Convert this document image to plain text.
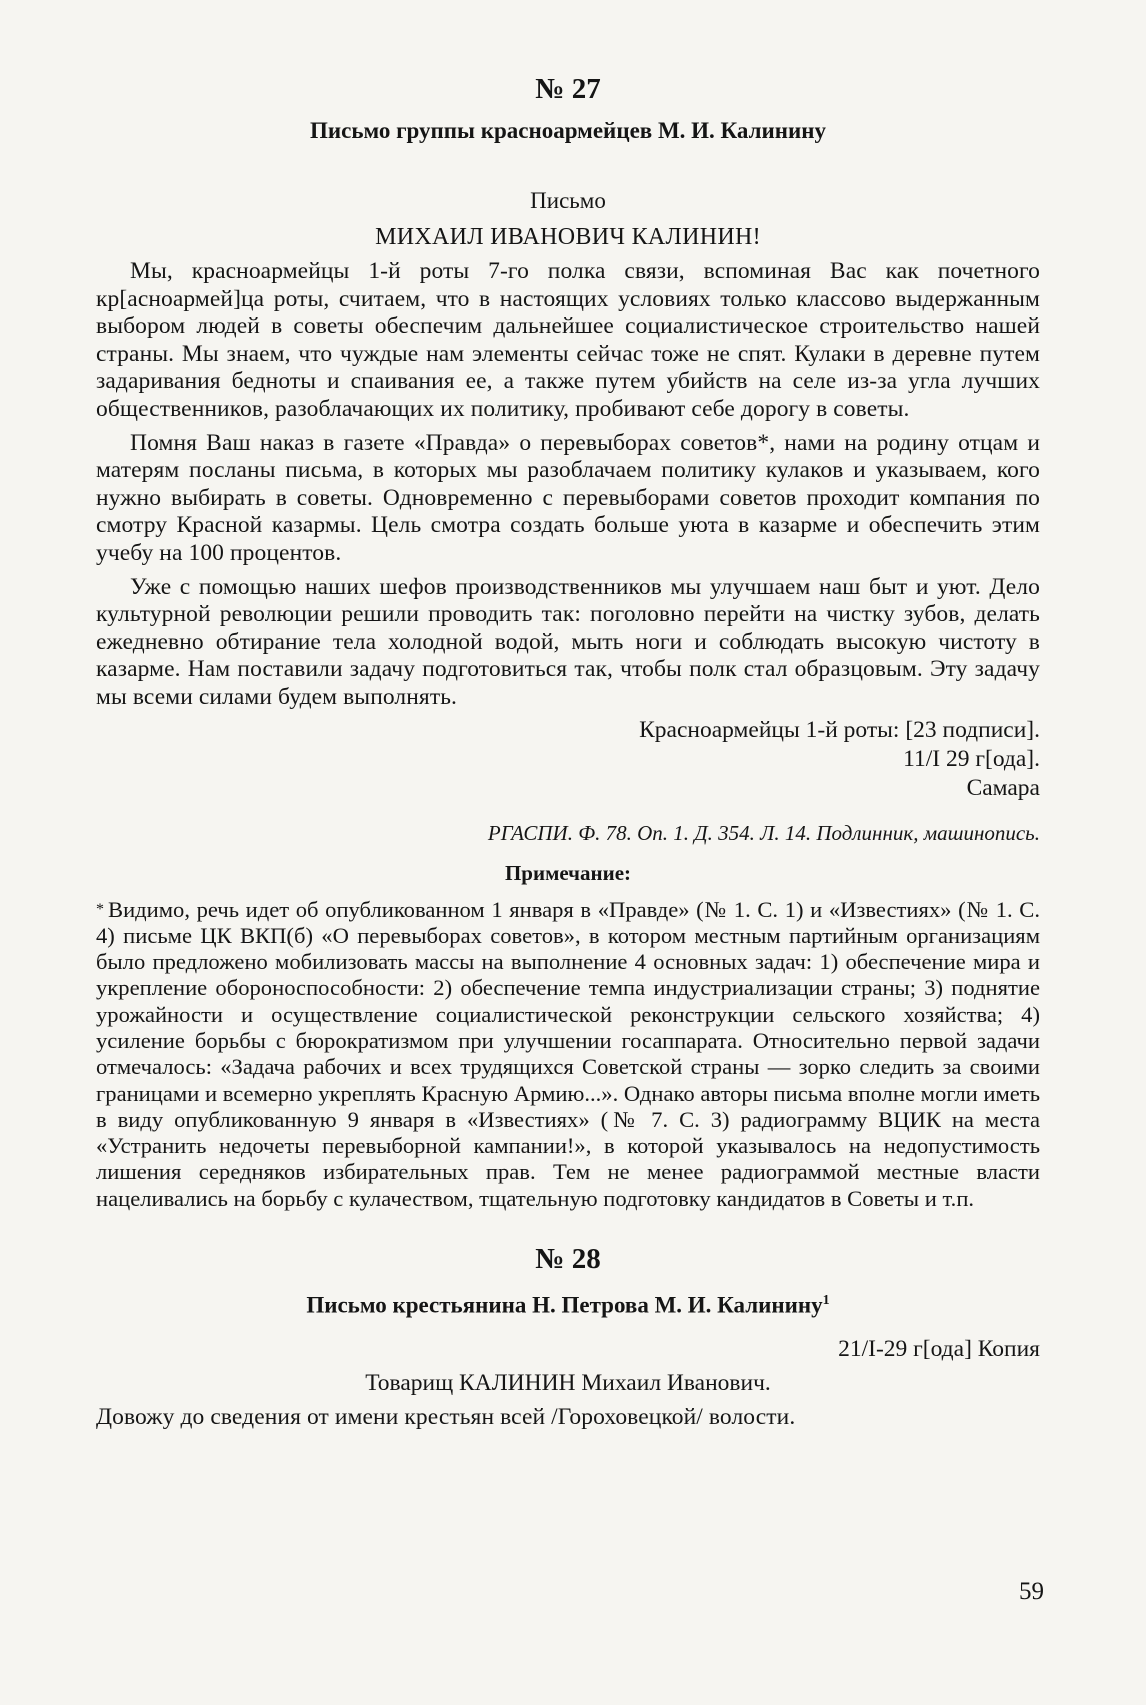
№ 27
Письмо группы красноармейцев М. И. Калинину
Письмо
МИХАИЛ ИВАНОВИЧ КАЛИНИН!

Мы, красноармейцы 1-й роты 7-го полка связи, вспоминая Вас как почетного кр[асноармей]ца роты, считаем, что в настоящих условиях только классово выдержанным выбором людей в советы обеспечим дальнейшее социалистическое строительство нашей страны. Мы знаем, что чуждые нам элементы сейчас тоже не спят. Кулаки в деревне путем задаривания бедноты и спаивания ее, а также путем убийств на селе из-за угла лучших общественников, разоблачающих их политику, пробивают себе дорогу в советы.

Помня Ваш наказ в газете «Правда» о перевыборах советов*, нами на родину отцам и матерям посланы письма, в которых мы разоблачаем политику кулаков и указываем, кого нужно выбирать в советы. Одновременно с перевыборами советов проходит компания по смотру Красной казармы. Цель смотра создать больше уюта в казарме и обеспечить этим учебу на 100 процентов.

Уже с помощью наших шефов производственников мы улучшаем наш быт и уют. Дело культурной революции решили проводить так: поголовно перейти на чистку зубов, делать ежедневно обтирание тела холодной водой, мыть ноги и соблюдать высокую чистоту в казарме. Нам поставили задачу подготовиться так, чтобы полк стал образцовым. Эту задачу мы всеми силами будем выполнять.

Красноармейцы 1-й роты: [23 подписи].
11/I 29 г[ода].
Самара
РГАСПИ. Ф. 78. Оп. 1. Д. 354. Л. 14. Подлинник, машинопись.
Примечание:

* Видимо, речь идет об опубликованном 1 января в «Правде» (№ 1. С. 1) и «Известиях» (№ 1. С. 4) письме ЦК ВКП(б) «О перевыборах советов», в котором местным партийным организациям было предложено мобилизовать массы на выполнение 4 основных задач: 1) обеспечение мира и укрепление обороноспособности: 2) обеспечение темпа индустриализации страны; 3) поднятие урожайности и осуществление социалистической реконструкции сельского хозяйства; 4) усиление борьбы с бюрократизмом при улучшении госаппарата. Относительно первой задачи отмечалось: «Задача рабочих и всех трудящихся Советской страны — зорко следить за своими границами и всемерно укреплять Красную Армию...». Однако авторы письма вполне могли иметь в виду опубликованную 9 января в «Известиях» (№ 7. С. 3) радиограмму ВЦИК на места «Устранить недочеты перевыборной кампании!», в которой указывалось на недопустимость лишения середняков избирательных прав. Тем не менее радиограммой местные власти нацеливались на борьбу с кулачеством, тщательную подготовку кандидатов в Советы и т.п.

№ 28
Письмо крестьянина Н. Петрова М. И. Калинину$^1$
21/I-29 г[ода] Копия
Товарищ КАЛИНИН Михаил Иванович.

Довожу до сведения от имени крестьян всей /Гороховецкой/ волости.

59
